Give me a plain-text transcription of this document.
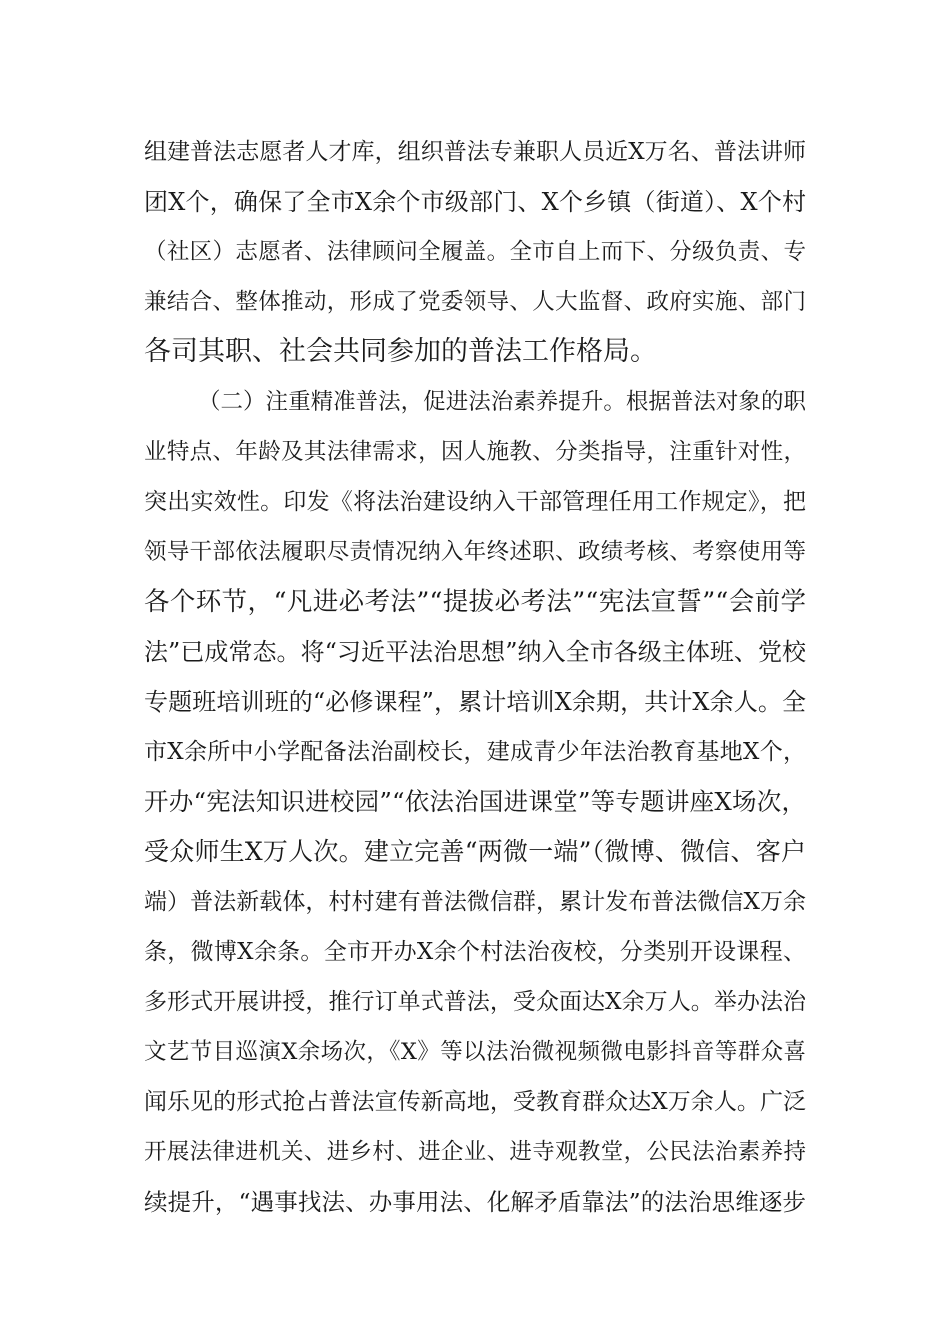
组建普法志愿者人才库，组织普法专兼职人员近X万名、普法讲师
团X个，确保了全市X余个市级部门、X个乡镇（街道）、X个村
（社区）志愿者、法律顾问全履盖。全市自上而下、分级负责、专
兼结合、整体推动，形成了党委领导、人大监督、政府实施、部门
各司其职、社会共同参加的普法工作格局。
（二）注重精准普法，促进法治素养提升。根据普法对象的职
业特点、年龄及其法律需求，因人施教、分类指导，注重针对性，
突出实效性。印发《将法治建设纳入干部管理任用工作规定》，把
领导干部依法履职尽责情况纳入年终述职、政绩考核、考察使用等
各个环节，“凡进必考法”“提拔必考法”“宪法宣誓”“会前学
法”已成常态。将“习近平法治思想”纳入全市各级主体班、党校
专题班培训班的“必修课程”，累计培训X余期，共计X余人。全
市X余所中小学配备法治副校长，建成青少年法治教育基地X个，
开办“宪法知识进校园”“依法治国进课堂”等专题讲座X场次，
受众师生X万人次。建立完善“两微一端”（微博、微信、客户
端）普法新载体，村村建有普法微信群，累计发布普法微信X万余
条，微博X余条。全市开办X余个村法治夜校，分类别开设课程、
多形式开展讲授，推行订单式普法，受众面达X余万人。举办法治
文艺节目巡演X余场次，《X》等以法治微视频微电影抖音等群众喜
闻乐见的形式抢占普法宣传新高地，受教育群众达X万余人。广泛
开展法律进机关、进乡村、进企业、进寺观教堂，公民法治素养持
续提升，“遇事找法、办事用法、化解矛盾靠法”的法治思维逐步
